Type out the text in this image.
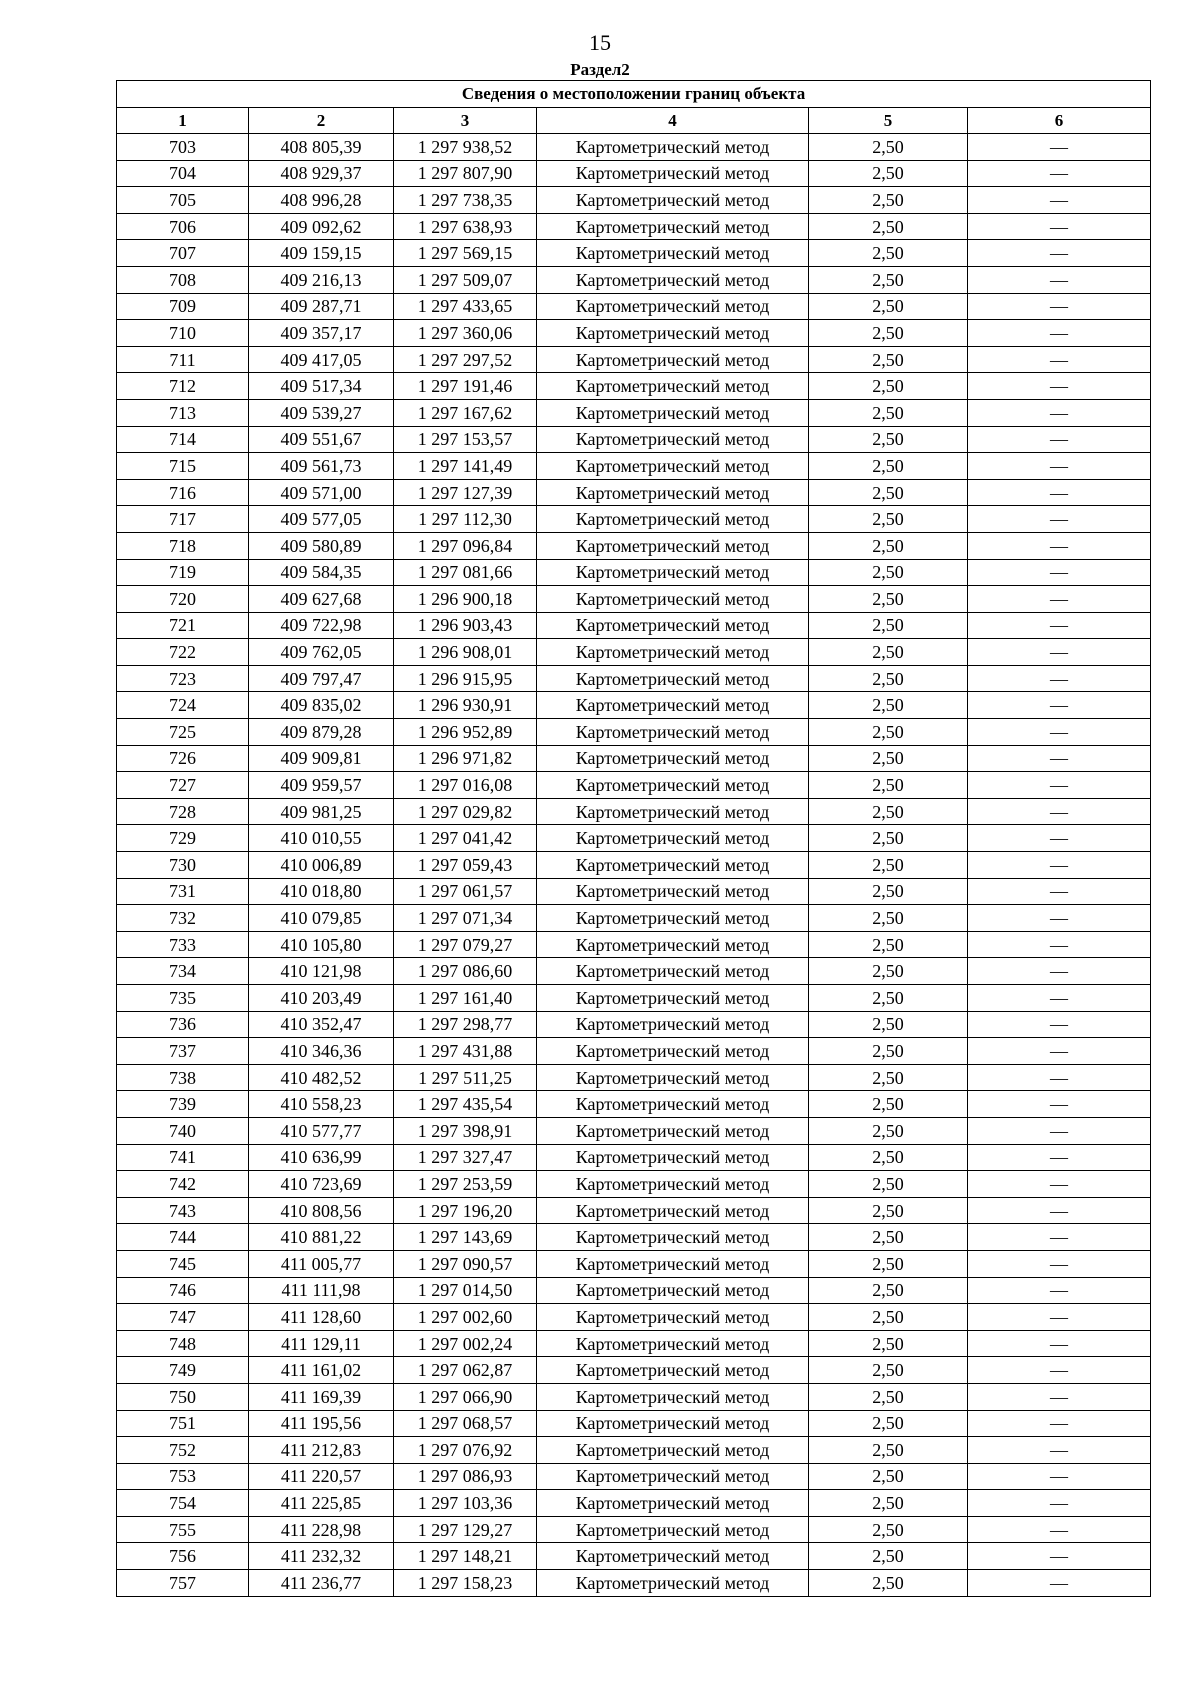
15
Раздел2
Сведения о местоположении границ объекта					
1	2	3	4	5	6
703	408 805,39	1 297 938,52	Картометрический метод	2,50	—
704	408 929,37	1 297 807,90	Картометрический метод	2,50	—
705	408 996,28	1 297 738,35	Картометрический метод	2,50	—
706	409 092,62	1 297 638,93	Картометрический метод	2,50	—
707	409 159,15	1 297 569,15	Картометрический метод	2,50	—
708	409 216,13	1 297 509,07	Картометрический метод	2,50	—
709	409 287,71	1 297 433,65	Картометрический метод	2,50	—
710	409 357,17	1 297 360,06	Картометрический метод	2,50	—
711	409 417,05	1 297 297,52	Картометрический метод	2,50	—
712	409 517,34	1 297 191,46	Картометрический метод	2,50	—
713	409 539,27	1 297 167,62	Картометрический метод	2,50	—
714	409 551,67	1 297 153,57	Картометрический метод	2,50	—
715	409 561,73	1 297 141,49	Картометрический метод	2,50	—
716	409 571,00	1 297 127,39	Картометрический метод	2,50	—
717	409 577,05	1 297 112,30	Картометрический метод	2,50	—
718	409 580,89	1 297 096,84	Картометрический метод	2,50	—
719	409 584,35	1 297 081,66	Картометрический метод	2,50	—
720	409 627,68	1 296 900,18	Картометрический метод	2,50	—
721	409 722,98	1 296 903,43	Картометрический метод	2,50	—
722	409 762,05	1 296 908,01	Картометрический метод	2,50	—
723	409 797,47	1 296 915,95	Картометрический метод	2,50	—
724	409 835,02	1 296 930,91	Картометрический метод	2,50	—
725	409 879,28	1 296 952,89	Картометрический метод	2,50	—
726	409 909,81	1 296 971,82	Картометрический метод	2,50	—
727	409 959,57	1 297 016,08	Картометрический метод	2,50	—
728	409 981,25	1 297 029,82	Картометрический метод	2,50	—
729	410 010,55	1 297 041,42	Картометрический метод	2,50	—
730	410 006,89	1 297 059,43	Картометрический метод	2,50	—
731	410 018,80	1 297 061,57	Картометрический метод	2,50	—
732	410 079,85	1 297 071,34	Картометрический метод	2,50	—
733	410 105,80	1 297 079,27	Картометрический метод	2,50	—
734	410 121,98	1 297 086,60	Картометрический метод	2,50	—
735	410 203,49	1 297 161,40	Картометрический метод	2,50	—
736	410 352,47	1 297 298,77	Картометрический метод	2,50	—
737	410 346,36	1 297 431,88	Картометрический метод	2,50	—
738	410 482,52	1 297 511,25	Картометрический метод	2,50	—
739	410 558,23	1 297 435,54	Картометрический метод	2,50	—
740	410 577,77	1 297 398,91	Картометрический метод	2,50	—
741	410 636,99	1 297 327,47	Картометрический метод	2,50	—
742	410 723,69	1 297 253,59	Картометрический метод	2,50	—
743	410 808,56	1 297 196,20	Картометрический метод	2,50	—
744	410 881,22	1 297 143,69	Картометрический метод	2,50	—
745	411 005,77	1 297 090,57	Картометрический метод	2,50	—
746	411 111,98	1 297 014,50	Картометрический метод	2,50	—
747	411 128,60	1 297 002,60	Картометрический метод	2,50	—
748	411 129,11	1 297 002,24	Картометрический метод	2,50	—
749	411 161,02	1 297 062,87	Картометрический метод	2,50	—
750	411 169,39	1 297 066,90	Картометрический метод	2,50	—
751	411 195,56	1 297 068,57	Картометрический метод	2,50	—
752	411 212,83	1 297 076,92	Картометрический метод	2,50	—
753	411 220,57	1 297 086,93	Картометрический метод	2,50	—
754	411 225,85	1 297 103,36	Картометрический метод	2,50	—
755	411 228,98	1 297 129,27	Картометрический метод	2,50	—
756	411 232,32	1 297 148,21	Картометрический метод	2,50	—
757	411 236,77	1 297 158,23	Картометрический метод	2,50	—
